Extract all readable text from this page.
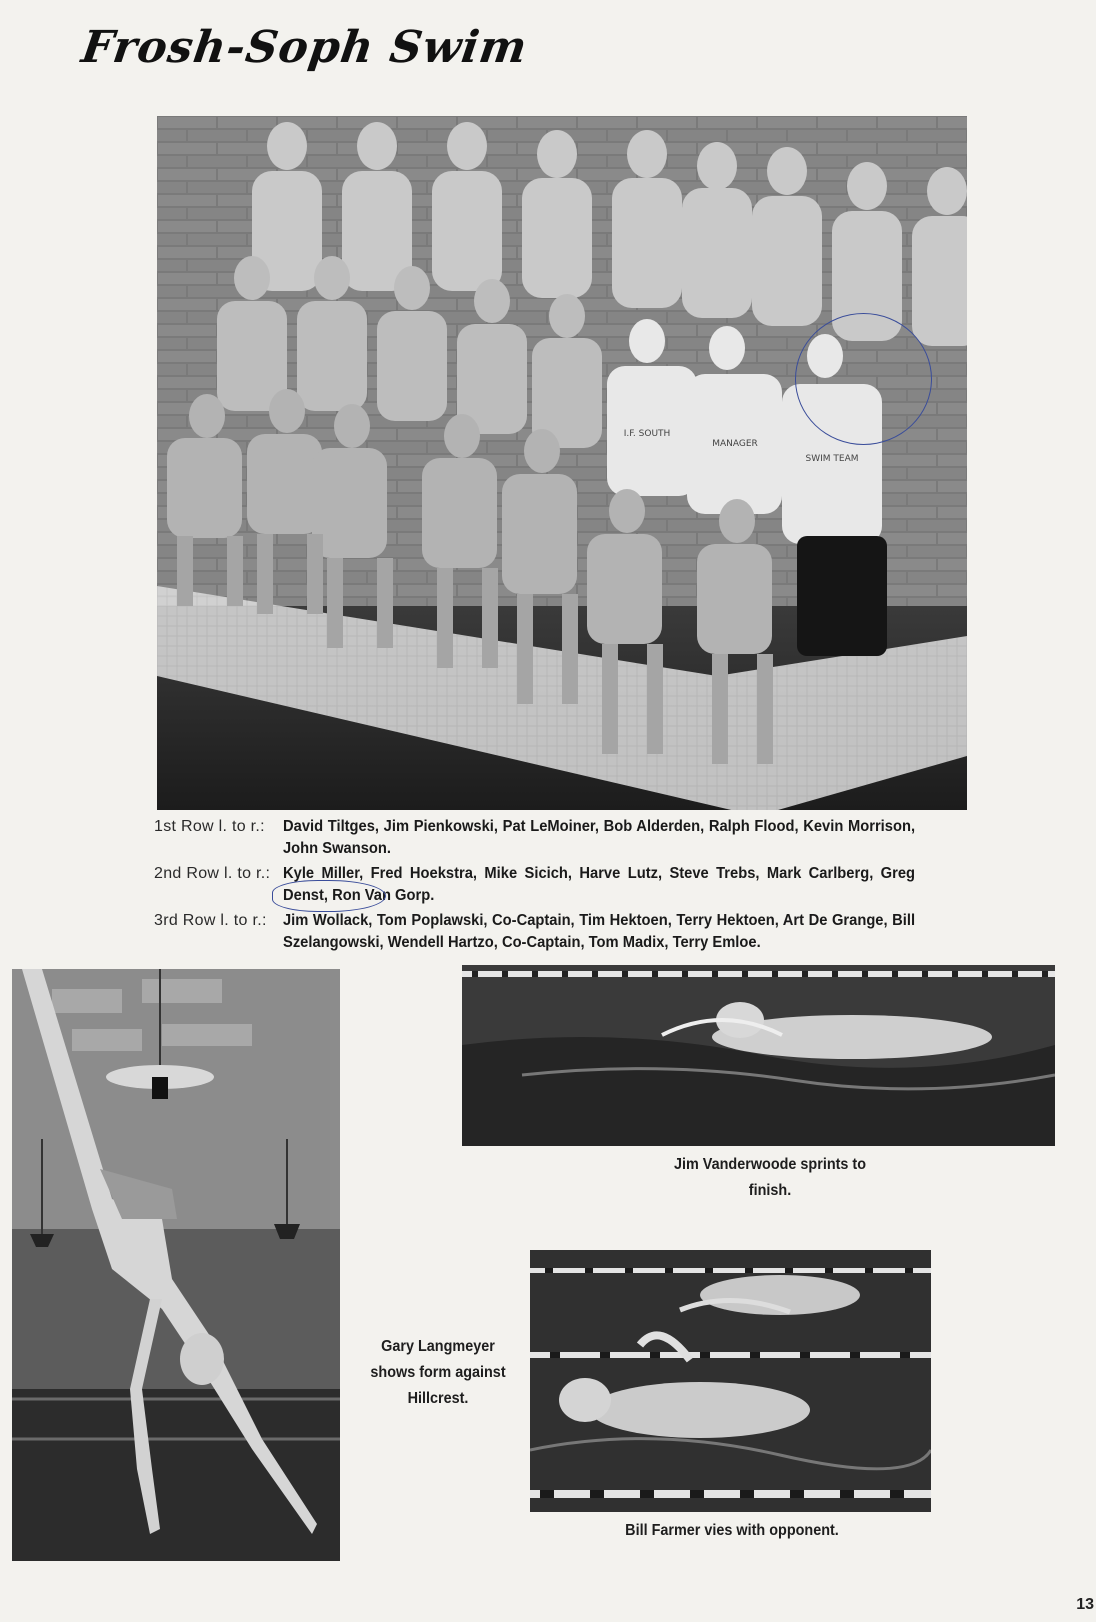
Frosh-Soph Swim
I.F. SOUTH
MANAGER
SWIM TEAM
1st Row l. to r.:	David Tiltges, Jim Pienkowski, Pat LeMoiner, Bob Alderden, Ralph Flood, Kevin Morrison, John Swanson.
2nd Row l. to r.: Kyle Miller, Fred Hoekstra, Mike Sicich, Harve Lutz, Steve Trebs, Mark Carlberg, Greg Denst, Ron Van Gorp.
3rd Row l. to r.:	Jim Wollack, Tom Poplawski, Co-Captain, Tim Hektoen, Terry Hektoen, Art De Grange, Bill Szelangowski, Wendell Hartzo, Co-Captain, Tom Madix, Terry Emloe.
Jim Vanderwoode sprints to finish.
Gary Langmeyer shows form against Hillcrest.
Bill Farmer vies with opponent.
13
